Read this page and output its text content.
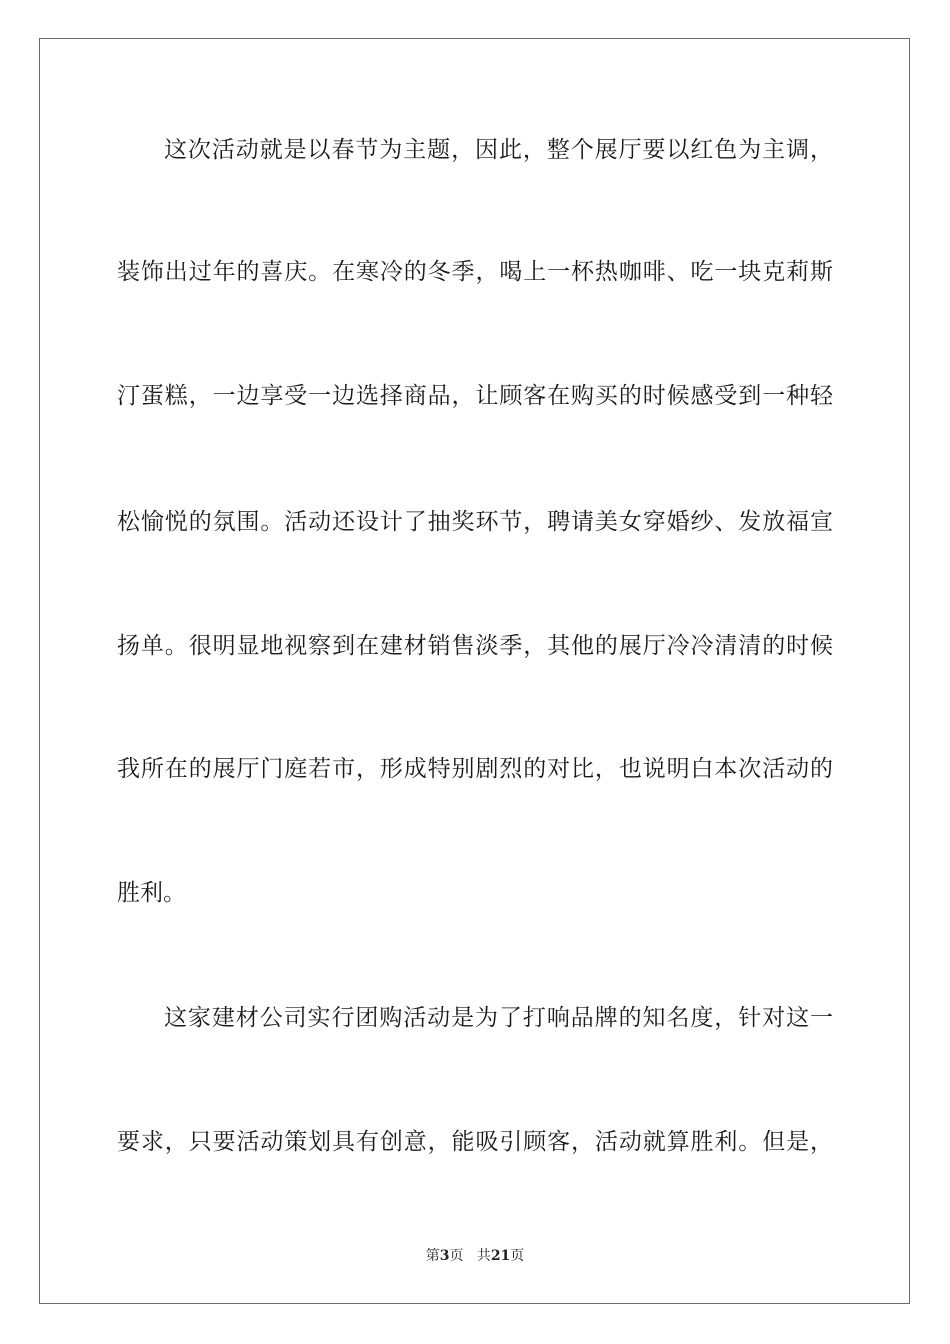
这次活动就是以春节为主题，因此，整个展厅要以红色为主调，
装饰出过年的喜庆。在寒冷的冬季，喝上一杯热咖啡、吃一块克莉斯
汀蛋糕，一边享受一边选择商品，让顾客在购买的时候感受到一种轻
松愉悦的氛围。活动还设计了抽奖环节，聘请美女穿婚纱、发放福宣
扬单。很明显地视察到在建材销售淡季，其他的展厅冷冷清清的时候
我所在的展厅门庭若市，形成特别剧烈的对比，也说明白本次活动的
胜利。
这家建材公司实行团购活动是为了打响品牌的知名度，针对这一
要求，只要活动策划具有创意，能吸引顾客，活动就算胜利。但是，
第3页 共21页
